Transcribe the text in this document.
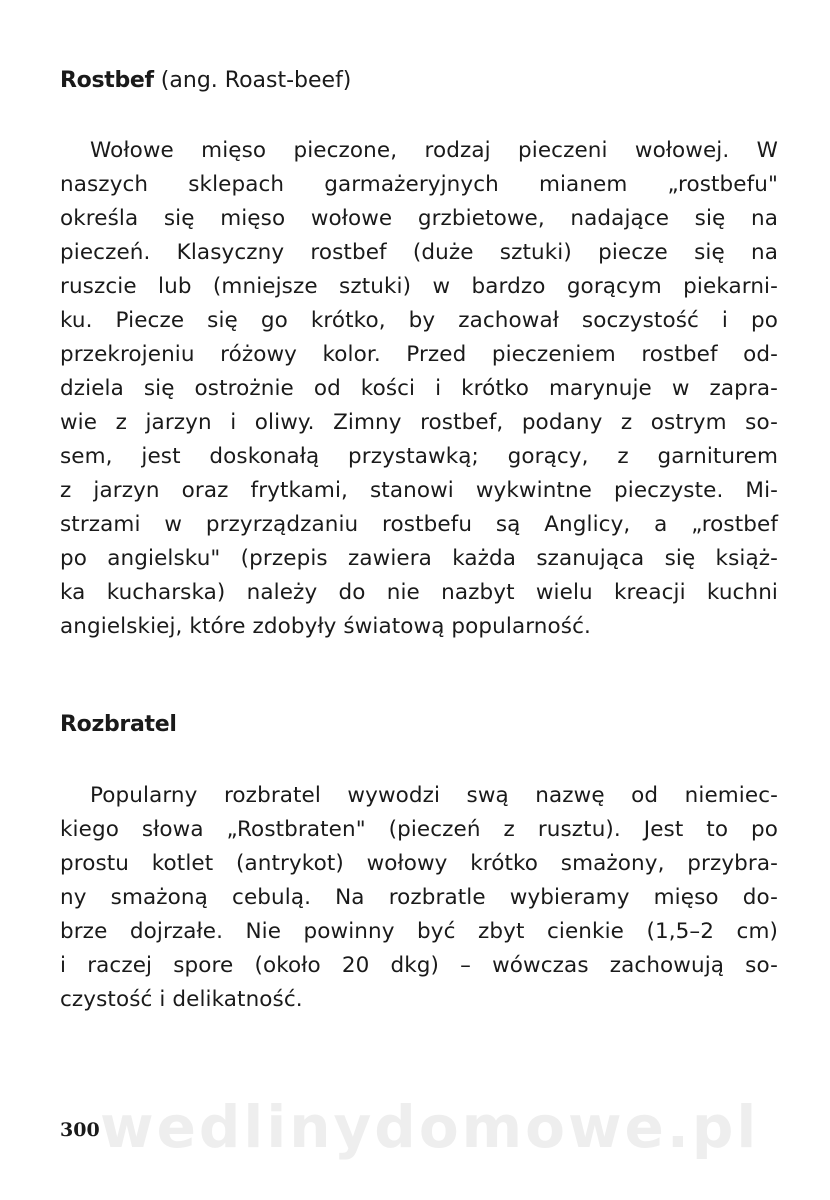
Rostbef (ang. Roast-beef)
Wołowe mięso pieczone, rodzaj pieczeni wołowej. W
naszych sklepach garmażeryjnych mianem „rostbefu"
określa się mięso wołowe grzbietowe, nadające się na
pieczeń. Klasyczny rostbef (duże sztuki) piecze się na
ruszcie lub (mniejsze sztuki) w bardzo gorącym piekarni-
ku. Piecze się go krótko, by zachował soczystość i po
przekrojeniu różowy kolor. Przed pieczeniem rostbef od-
dziela się ostrożnie od kości i krótko marynuje w zapra-
wie z jarzyn i oliwy. Zimny rostbef, podany z ostrym so-
sem, jest doskonałą przystawką; gorący, z garniturem
z jarzyn oraz frytkami, stanowi wykwintne pieczyste. Mi-
strzami w przyrządzaniu rostbefu są Anglicy, a „rostbef
po angielsku" (przepis zawiera każda szanująca się książ-
ka kucharska) należy do nie nazbyt wielu kreacji kuchni
angielskiej, które zdobyły światową popularność.
Rozbratel
Popularny rozbratel wywodzi swą nazwę od niemiec-
kiego słowa „Rostbraten" (pieczeń z rusztu). Jest to po
prostu kotlet (antrykot) wołowy krótko smażony, przybra-
ny smażoną cebulą. Na rozbratle wybieramy mięso do-
brze dojrzałe. Nie powinny być zbyt cienkie (1,5–2 cm)
i raczej spore (około 20 dkg) – wówczas zachowują so-
czystość i delikatność.
wedlinydomowe.pl

300
